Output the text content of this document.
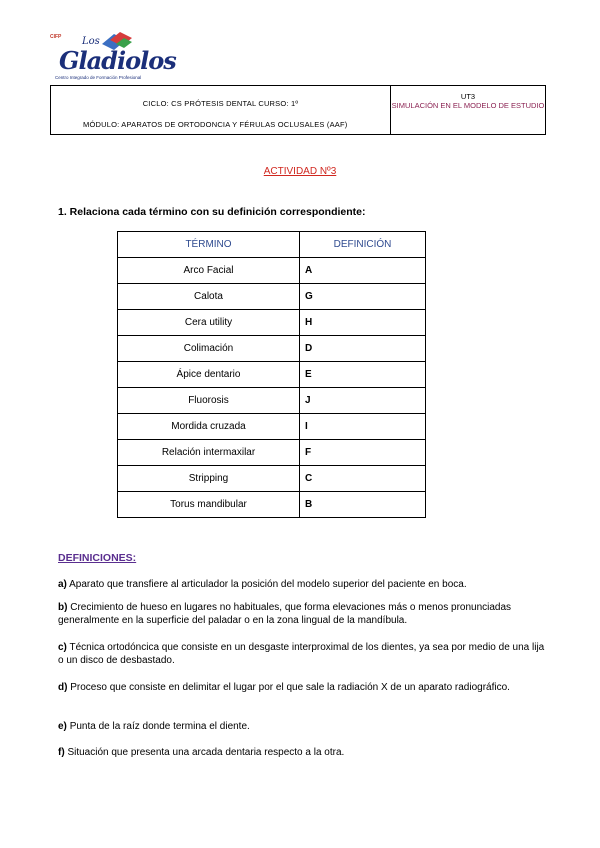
CIFP Los
Gladiolos
Centro Integrado de Formación Profesional
CICLO: CS PRÓTESIS DENTAL CURSO: 1º
MÓDULO: APARATOS DE ORTODONCIA Y FÉRULAS OCLUSALES (AAF)
UT3
SIMULACIÓN EN EL MODELO DE ESTUDIO
ACTIVIDAD Nº3
1. Relaciona cada término con su definición correspondiente:
TÉRMINO	DEFINICIÓN
Arco Facial	A
Calota	G
Cera utility	H
Colimación	D
Ápice dentario	E
Fluorosis	J
Mordida cruzada	I
Relación intermaxilar	F
Stripping	C
Torus mandibular	B
DEFINICIONES:
a) Aparato que transfiere al articulador la posición del modelo superior del paciente en boca.
b) Crecimiento de hueso en lugares no habituales, que forma elevaciones más o menos pronunciadas generalmente en la superficie del paladar o en la zona lingual de la mandíbula.
c) Técnica ortodóncica que consiste en un desgaste interproximal de los dientes, ya sea por medio de una lija o un disco de desbastado.
d) Proceso que consiste en delimitar el lugar por el que sale la radiación X de un aparato radiográfico.
e) Punta de la raíz donde termina el diente.
f) Situación que presenta una arcada dentaria respecto a la otra.
